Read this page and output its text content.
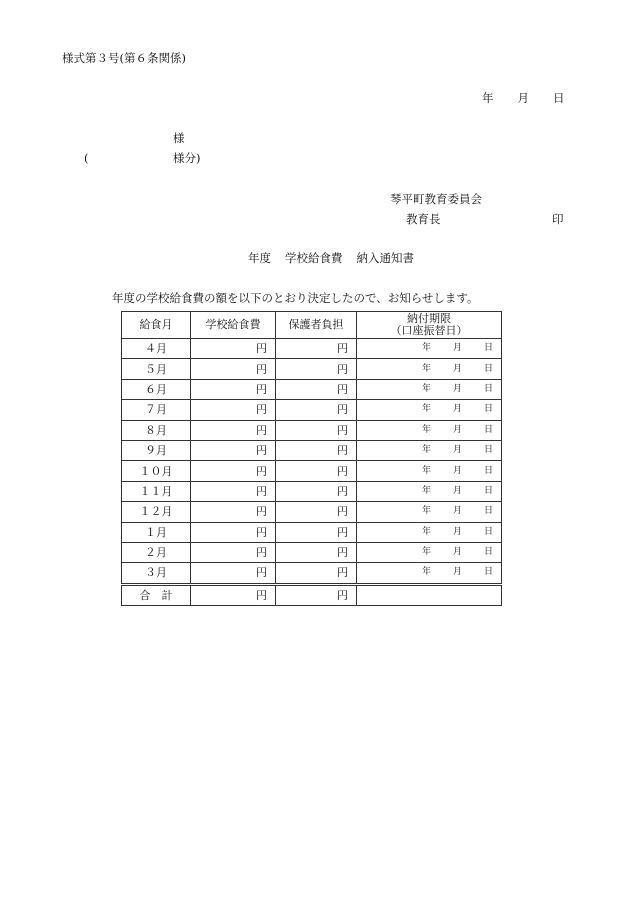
様式第３号(第６条関係)
年 月 日
様
(	様分)
琴平町教育委員会
教育長	印
年度 学校給食費 納入通知書
年度の学校給食費の額を以下のとおり決定したので、お知らせします。
給食月	学校給食費	保護者負担	納付期限
（口座振替日）

４月	円	円	年 月 日

５月	円	円	年 月 日

６月	円	円	年 月 日

７月	円	円	年 月 日

８月	円	円	年 月 日

９月	円	円	年 月 日

１０月	円	円	年 月 日

１１月	円	円	年 月 日

１２月	円	円	年 月 日

１月	円	円	年 月 日

２月	円	円	年 月 日

３月	円	円	年 月 日

合　計	円	円	
